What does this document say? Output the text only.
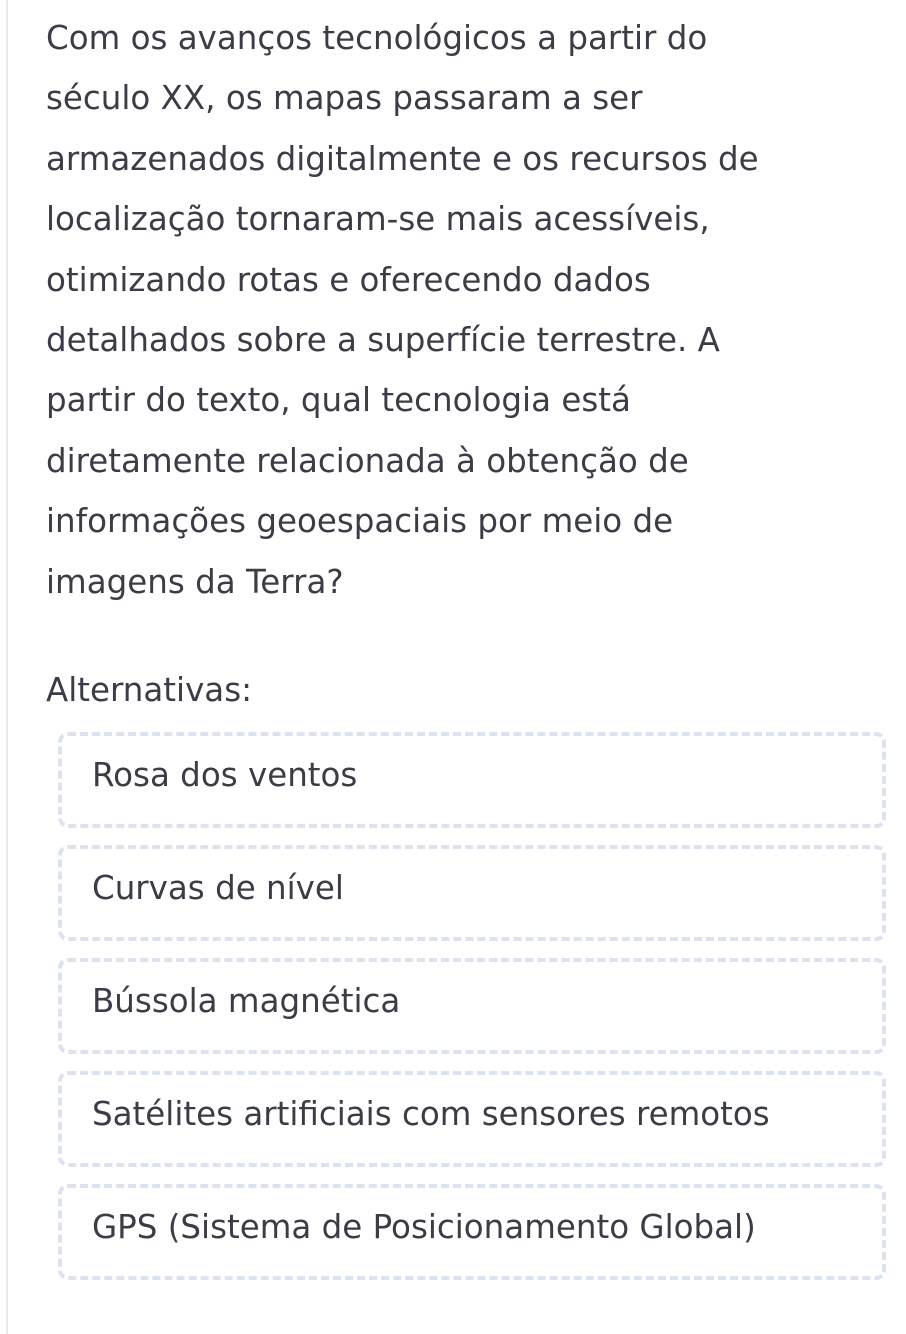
Com os avanços tecnológicos a partir do
século XX, os mapas passaram a ser
armazenados digitalmente e os recursos de
localização tornaram-se mais acessíveis,
otimizando rotas e oferecendo dados
detalhados sobre a superfície terrestre. A
partir do texto, qual tecnologia está
diretamente relacionada à obtenção de
informações geoespaciais por meio de
imagens da Terra?
Alternativas:
Rosa dos ventos
Curvas de nível
Bússola magnética
Satélites artificiais com sensores remotos
GPS (Sistema de Posicionamento Global)
